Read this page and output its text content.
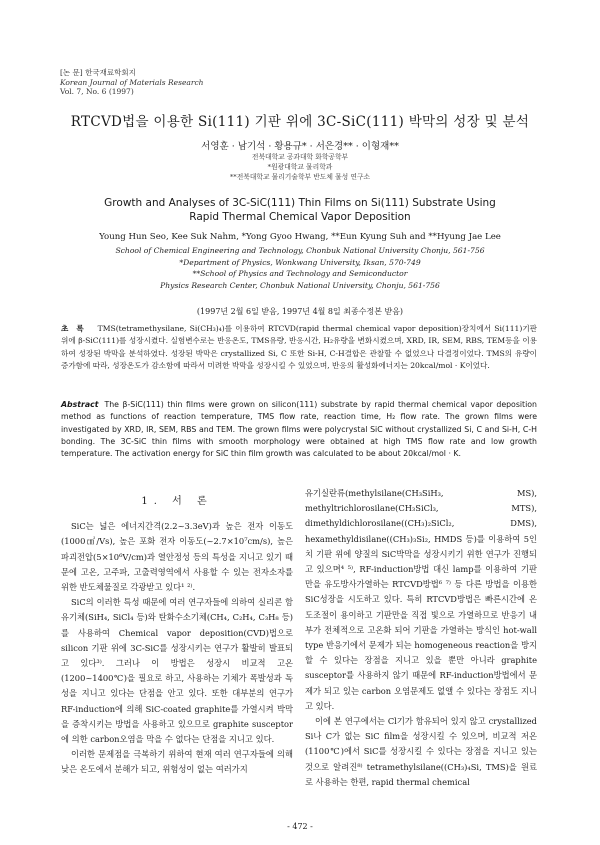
[논 문] 한국재료학회지
Korean Journal of Materials Research
Vol. 7, No. 6 (1997)
RTCVD법을 이용한 Si(111) 기판 위에 3C-SiC(111) 박막의 성장 및 분석
서영훈 · 남기석 · 황용규* · 서은경** · 이형재**
전북대학교 공과대학 화학공학부
*원광대학교 물리학과
**전북대학교 물리기술학부 반도체 물성 연구소
Growth and Analyses of 3C-SiC(111) Thin Films on Si(111) Substrate Using
Rapid Thermal Chemical Vapor Deposition
Young Hun Seo, Kee Suk Nahm, *Yong Gyoo Hwang, **Eun Kyung Suh and **Hyung Jae Lee
School of Chemical Engineering and Technology, Chonbuk National University Chonju, 561-756
*Department of Physics, Wonkwang University, Iksan, 570-749
**School of Physics and Technology and Semiconductor
Physics Research Center, Chonbuk National University, Chonju, 561-756
(1997년 2월 6일 받음, 1997년 4월 8일 최종수정본 받음)
초록 TMS(tetramethysilane, Si(CH₃)₄)를 이용하여 RTCVD(rapid thermal chemical vapor deposition)장치에서 Si(111)기판 위에 β-SiC(111)를 성장시켰다. 실험변수로는 반응온도, TMS유량, 반응시간, H₂유량을 변화시켰으며, XRD, IR, SEM, RBS, TEM등을 이용하여 성장된 박막을 분석하였다. 성장된 박막은 crystallized Si, C 또한 Si-H, C-H결합은 관찰할 수 없었으나 다결정이었다. TMS의 유량이 증가함에 따라, 성장온도가 감소함에 따라서 미려한 박막을 성장시킬 수 있었으며, 반응의 활성화에너지는 20kcal/mol · K이었다.
Abstract The β-SiC(111) thin films were grown on silicon(111) substrate by rapid thermal chemical vapor deposition method as functions of reaction temperature, TMS flow rate, reaction time, H₂ flow rate. The grown films were investigated by XRD, IR, SEM, RBS and TEM. The grown films were polycrystal SiC without crystallized Si, C and Si-H, C-H bonding. The 3C-SiC thin films with smooth morphology were obtained at high TMS flow rate and low growth temperature. The activation energy for SiC thin film growth was calculated to be about 20kcal/mol · K.
1. 서 론

SiC는 넓은 에너지간격(2.2~3.3eV)과 높은 전자 이동도(1000㎠/Vs), 높은 포화 전자 이동도(~2.7×10⁷cm/s), 높은 파괴전압(5×10⁶V/cm)과 열안정성 등의 특성을 지니고 있기 때문에 고온, 고주파, 고출력영역에서 사용할 수 있는 전자소자를 위한 반도체물질로 각광받고 있다¹ ²⁾.

SiC의 이러한 특성 때문에 여러 연구자들에 의하여 실리콘 함유기체(SiH₄, SiCl₄ 등)와 탄화수소기체(CH₄, C₂H₄, C₃H₈ 등)를 사용하여 Chemical vapor deposition(CVD)법으로 silicon 기판 위에 3C-SiC를 성장시키는 연구가 활발히 발표되고 있다³⁾. 그러나 이 방법은 성장시 비교적 고온(1200~1400℃)을 필요로 하고, 사용하는 기체가 폭발성과 독성을 지니고 있다는 단점을 안고 있다. 또한 대부분의 연구가 RF-induction에 의해 SiC-coated graphite를 가열시켜 박막을 증착시키는 방법을 사용하고 있으므로 graphite susceptor에 의한 carbon오염을 막을 수 없다는 단점을 지니고 있다.

이러한 문제점을 극복하기 위하여 현재 여러 연구자들에 의해 낮은 온도에서 분해가 되고, 위험성이 없는 여러가지

유기실란류(methylsilane(CH₃SiH₃, MS), methyltrichlorosilane(CH₃SiCl₃, MTS), dimethyldichlorosilane((CH₃)₂SiCl₂, DMS), hexamethyldisilane((CH₃)₃Si₂, HMDS 등)를 이용하여 5인치 기판 위에 양질의 SiC박막을 성장시키기 위한 연구가 진행되고 있으며⁴ ⁵⁾, RF-induction방법 대신 lamp를 이용하여 기판만을 유도방사가열하는 RTCVD방법⁶ ⁷⁾ 등 다른 방법을 이용한 SiC성장을 시도하고 있다. 특히 RTCVD방법은 빠른시간에 온도조절이 용이하고 기판만을 직접 빛으로 가열하므로 반응기 내부가 전체적으로 고온화 되어 기판을 가열하는 방식인 hot-wall type 반응기에서 문제가 되는 homogeneous reaction을 방지할 수 있다는 장점을 지니고 있을 뿐만 아니라 graphite susceptor를 사용하지 않기 때문에 RF-induction방법에서 문제가 되고 있는 carbon 오염문제도 없앨 수 있다는 장점도 지니고 있다.

이에 본 연구에서는 Cl기가 함유되어 있지 않고 crystallized Si나 C가 없는 SiC film을 성장시킬 수 있으며, 비교적 저온(1100℃)에서 SiC를 성장시킬 수 있다는 장점을 지니고 있는 것으로 알려진⁸⁾ tetramethylsilane((CH₃)₄Si, TMS)을 원료로 사용하는 한편, rapid thermal chemical

- 472 -
